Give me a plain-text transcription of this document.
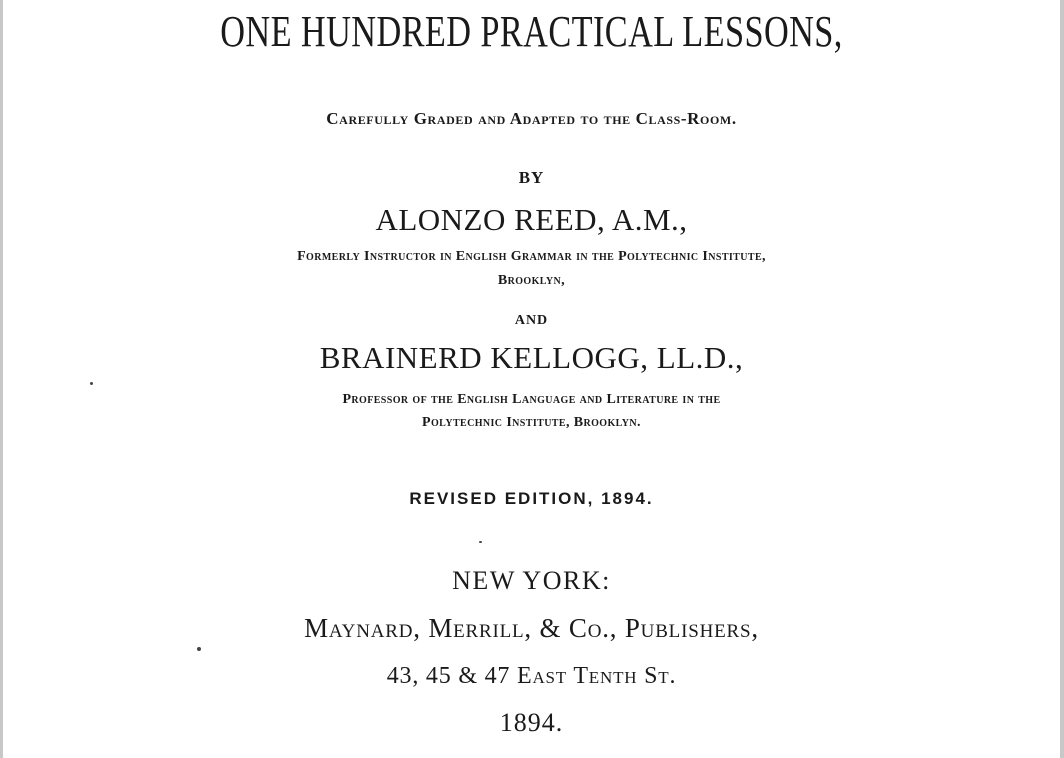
ONE HUNDRED PRACTICAL LESSONS,
Carefully Graded and Adapted to the Class-Room.
BY
ALONZO REED, A.M.,
Formerly Instructor in English Grammar in the Polytechnic Institute,
Brooklyn,
AND
BRAINERD KELLOGG, LL.D.,
Professor of the English Language and Literature in the
Polytechnic Institute, Brooklyn.
REVISED EDITION, 1894.
NEW YORK:
Maynard, Merrill, & Co., Publishers,
43, 45 & 47 East Tenth St.
1894.
